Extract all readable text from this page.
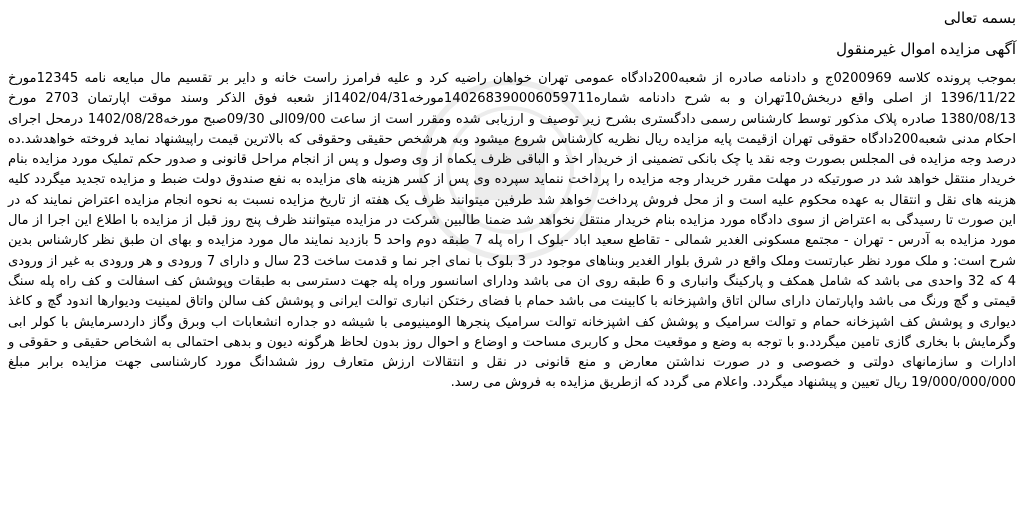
بسمه تعالی
آگهی مزایده اموال غیرمنقول

بموجب پرونده کلاسه 0200969ج و دادنامه صادره از شعبه200دادگاه عمومی تهران خواهان راضیه کرد و علیه فرامرز راست خانه و دایر بر تقسیم مال مبایعه نامه 12345مورخ 1396/11/22 از اصلی واقع دربخش10تهران و به شرح دادنامه شماره140268390006059711مورخه1402/04/31از شعبه فوق الذکر وسند موقت اپارتمان 2703 مورخ 1380/08/13 صادره پلاک مذکور توسط کارشناس رسمی دادگستری بشرح زیر توصیف و ارزیابی شده ومقرر است از ساعت 09/00الی 09/30صبح مورخه1402/08/28 درمحل اجرای احکام مدنی شعبه200دادگاه حقوقی تهران ازقیمت پایه مزایده ریال نظریه کارشناس شروع میشود وبه هرشخص حقیقی وحقوقی که بالاترین قیمت راپیشنهاد نماید فروخته خواهدشد.ده درصد وجه مزایده فی المجلس بصورت وجه نقد یا چک بانکی تضمینی از خریدار اخذ و الباقی ظرف یکماه از وی وصول و پس از انجام مراحل قانونی و صدور حکم تملیک مورد مزایده بنام خریدار منتقل خواهد شد در صورتیکه در مهلت مقرر خریدار وجه مزایده را پرداخت ننماید سپرده وی پس از کسر هزینه های مزایده به نفع صندوق دولت ضبط و مزایده تجدید میگردد کلیه هزینه های نقل و انتقال به عهده محکوم علیه است و از محل فروش پرداخت خواهد شد طرفین میتوانند ظرف یک هفته از تاریخ مزایده نسبت به نحوه انجام مزایده اعتراض نمایند که در این صورت تا رسیدگی به اعتراض از سوی دادگاه مورد مزایده بنام خریدار منتقل نخواهد شد ضمنا طالبین شرکت در مزایده میتوانند ظرف پنج روز قبل از مزایده با اطلاع این اجرا از مال مورد مزایده به آدرس - تهران - مجتمع مسکونی الغدیر شمالی - تقاطع سعید اباد -بلوک ا راه پله 7 طبقه دوم واحد 5 بازدید نمایند مال مورد مزایده و بهای ان طبق نظر کارشناس بدین شرح است: و ملک مورد نظر عبارتست وملک واقع در شرق بلوار الغدیر وبناهای موجود در 3 بلوک با نمای اجر نما و قدمت ساخت 23 سال و دارای 7 ورودی و هر ورودی به غیر از ورودی 4 که 32 واحدی می باشد که شامل همکف و پارکینگ وانباری و 6 طبقه روی ان می باشد ودارای اسانسور وراه پله جهت دسترسی به طبقات وپوشش کف اسفالت و کف راه پله سنگ قیمتی و گچ ورنگ می باشد واپارتمان دارای سالن اتاق واشپزخانه با کابینت می باشد حمام با فضای رختکن انباری توالت ایرانی و پوشش کف سالن واتاق لمینیت ودیوارها اندود گچ و کاغذ دیواری و پوشش کف اشپزخانه حمام و توالت سرامیک و پوشش کف اشپزخانه توالت سرامیک پنجرها الومینیومی با شیشه دو جداره انشعابات اب وبرق وگاز داردسرمایش با کولر ابی وگرمایش با بخاری گازی تامین میگردد.و با توجه به وضع و موقعیت محل و کاربری مساحت و اوضاع و احوال روز بدون لحاظ هرگونه دیون و بدهی احتمالی به اشخاص حقیقی و حقوقی و ادارات و سازمانهای دولتی و خصوصی و در صورت نداشتن معارض و منع قانونی در نقل و انتقالات ارزش متعارف روز ششدانگ مورد کارشناسی جهت مزایده برابر مبلغ 19/000/000/000 ریال تعیین و پیشنهاد میگردد. واعلام می گردد که ازطریق مزایده به فروش می رسد.
